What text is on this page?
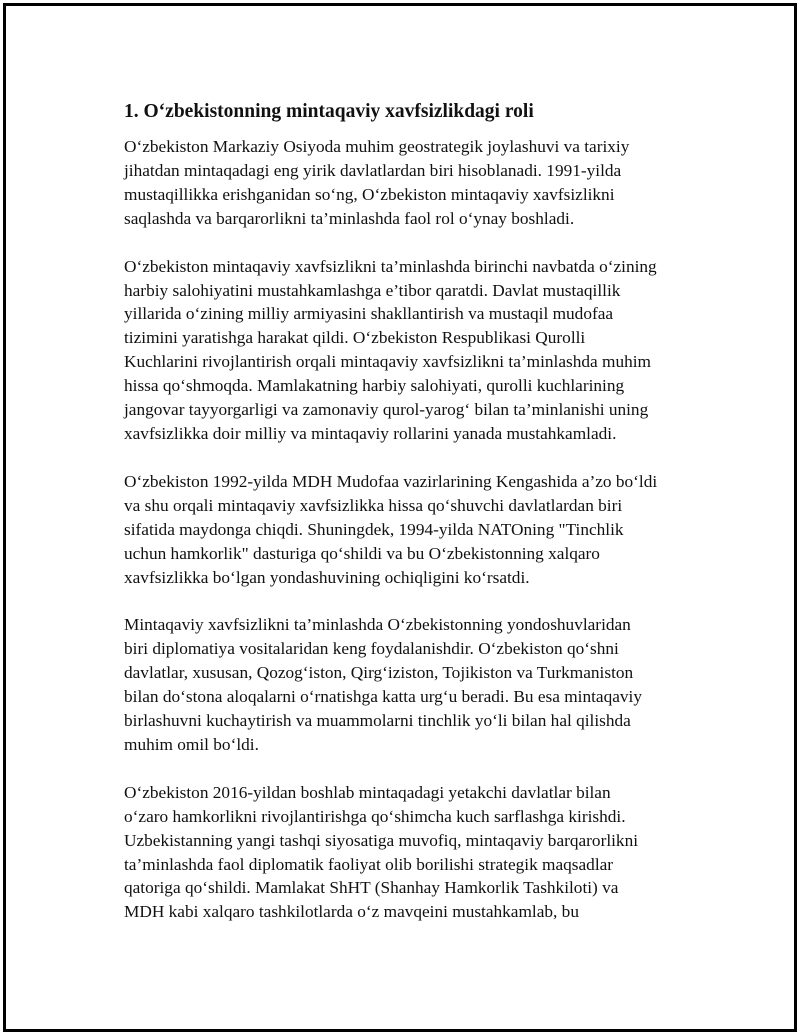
1. O‘zbekistonning mintaqaviy xavfsizlikdagi roli

O‘zbekiston Markaziy Osiyoda muhim geostrategik joylashuvi va tarixiy
jihatdan mintaqadagi eng yirik davlatlardan biri hisoblanadi. 1991-yilda
mustaqillikka erishganidan so‘ng, O‘zbekiston mintaqaviy xavfsizlikni
saqlashda va barqarorlikni ta’minlashda faol rol o‘ynay boshladi.

O‘zbekiston mintaqaviy xavfsizlikni ta’minlashda birinchi navbatda o‘zining
harbiy salohiyatini mustahkamlashga e’tibor qaratdi. Davlat mustaqillik
yillarida o‘zining milliy armiyasini shakllantirish va mustaqil mudofaa
tizimini yaratishga harakat qildi. O‘zbekiston Respublikasi Qurolli
Kuchlarini rivojlantirish orqali mintaqaviy xavfsizlikni ta’minlashda muhim
hissa qo‘shmoqda. Mamlakatning harbiy salohiyati, qurolli kuchlarining
jangovar tayyorgarligi va zamonaviy qurol-yarog‘ bilan ta’minlanishi uning
xavfsizlikka doir milliy va mintaqaviy rollarini yanada mustahkamladi.

O‘zbekiston 1992-yilda MDH Mudofaa vazirlarining Kengashida a’zo bo‘ldi
va shu orqali mintaqaviy xavfsizlikka hissa qo‘shuvchi davlatlardan biri
sifatida maydonga chiqdi. Shuningdek, 1994-yilda NATOning "Tinchlik
uchun hamkorlik" dasturiga qo‘shildi va bu O‘zbekistonning xalqaro
xavfsizlikka bo‘lgan yondashuvining ochiqligini ko‘rsatdi.

Mintaqaviy xavfsizlikni ta’minlashda O‘zbekistonning yondoshuvlaridan
biri diplomatiya vositalaridan keng foydalanishdir. O‘zbekiston qo‘shni
davlatlar, xususan, Qozog‘iston, Qirg‘iziston, Tojikiston va Turkmaniston
bilan do‘stona aloqalarni o‘rnatishga katta urg‘u beradi. Bu esa mintaqaviy
birlashuvni kuchaytirish va muammolarni tinchlik yo‘li bilan hal qilishda
muhim omil bo‘ldi.

O‘zbekiston 2016-yildan boshlab mintaqadagi yetakchi davlatlar bilan
o‘zaro hamkorlikni rivojlantirishga qo‘shimcha kuch sarflashga kirishdi.
Uzbekistanning yangi tashqi siyosatiga muvofiq, mintaqaviy barqarorlikni
ta’minlashda faol diplomatik faoliyat olib borilishi strategik maqsadlar
qatoriga qo‘shildi. Mamlakat ShHT (Shanhay Hamkorlik Tashkiloti) va
MDH kabi xalqaro tashkilotlarda o‘z mavqeini mustahkamlab, bu
